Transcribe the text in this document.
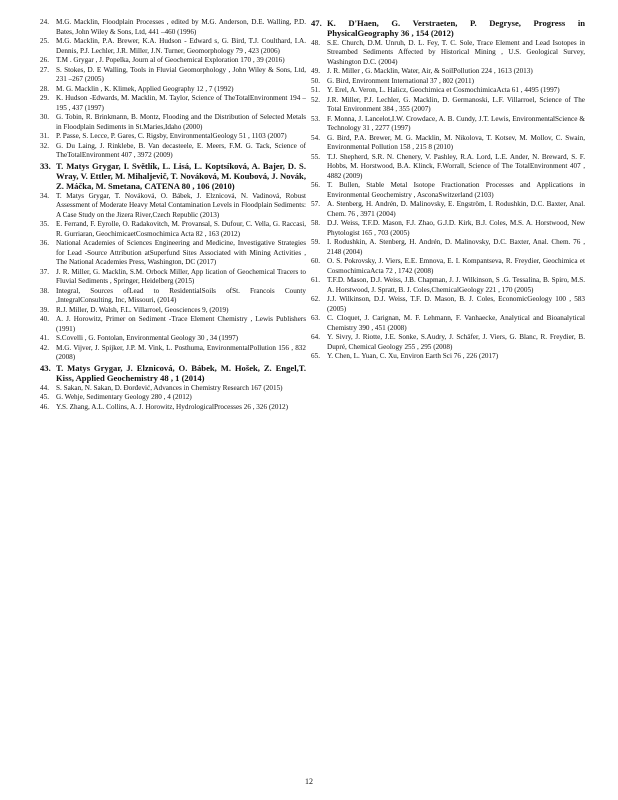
24. M.G. Macklin, Floodplain Processes , edited by M.G. Anderson, D.E. Walling, P.D. Bates, John Wiley & Sons, Ltd, 441 –460 (1996)
25. M.G. Macklin, P.A. Brewer, K.A. Hudson - Edward s, G. Bird, T.J. Coulthard, I.A. Dennis, P.J. Lechler, J.R. Miller, J.N. Turner, Geomorphology 79 , 423 (2006)
26. T.M . Grygar , J. Popelka, Journ al of Geochemical Exploration 170 , 39 (2016)
27. S. Stokes, D. E Walling, Tools in Fluvial Geomorphology , John Wiley & Sons, Ltd, 231 –267 (2005)
28. M. G. Macklin , K. Klimek, Applied Geography 12 , 7 (1992)
29. K. Hudson -Edwards, M. Macklin, M. Taylor, Science of TheTotalEnvironment 194 –195 , 437 (1997)
30. G. Tobin, R. Brinkmann, B. Montz, Flooding and the Distribution of Selected Metals in Floodplain Sediments in St.Maries,Idaho (2000)
31. P. Passe, S. Lecce, P. Gares, C. Rigsby, EnvironmentalGeology 51 , 1103 (2007)
32. G. Du Laing, J. Rinklebe, B. Van decasteele, E. Meers, F.M. G. Tack, Science of TheTotalEnvironment 407 , 3972 (2009)
33. T. Matys Grygar, I. Světlík, L. Lisá, L. Koptsíková, A. Bajer, D. S. Wray, V. Ettler, M. Mihaljevič, T. Nováková, M. Koubová, J. Novák, Z. Máčka, M. Smetana, CATENA 80 , 106 (2010)
34. T. Matys Grygar, T. Nováková, O. Bábek, J. Elznicová, N. Vadinová, Robust Assessment of Moderate Heavy Metal Contamination Levels in Floodplain Sediments: A Case Study on the Jizera River,Czech Republic (2013)
35. E. Ferrand, F. Eyrolle, O. Radakovitch, M. Provansal, S. Dufour, C. Vella, G. Raccasi, R. Gurriaran, GeochimicaetCosmochimica Acta 82 , 163 (2012)
36. National Academies of Sciences Engineering and Medicine, Investigative Strategies for Lead -Source Attribution atSuperfund Sites Associated with Mining Activities , The National Academies Press, Washington, DC (2017)
37. J. R. Miller, G. Macklin, S.M. Orbock Miller, App lication of Geochemical Tracers to Fluvial Sediments , Springer, Heidelberg (2015)
38. Integral, Sources ofLead to ResidentialSoils ofSt. Francois County ,IntegralConsulting, Inc, Missouri, (2014)
39. R.J. Miller, D. Walsh, F.L. Villarroel, Geosciences 9, (2019)
40. A. J. Horowitz, Primer on Sediment -Trace Element Chemistry , Lewis Publishers (1991)
41. S.Covelli , G. Fontolan, Environmental Geology 30 , 34 (1997)
42. M.G. Vijver, J. Spijker, J.P. M. Vink, L. Posthuma, EnvironmentalPollution 156 , 832 (2008)
43. T. Matys Grygar, J. Elznicová, O. Bábek, M. Hošek, Z. Engel,T. Kiss, Applied Geochemistry 48 , 1 (2014)
44. S. Sakan, N. Sakan, D. Đorđević, Advances in Chemistry Research 167 (2015)
45. G. Wehje, Sedimentary Geology 280 , 4 (2012)
46. Y.S. Zhang, A.L. Collins, A. J. Horowitz, HydrologicalProcesses 26 , 326 (2012)
47. K. D'Haen, G. Verstraeten, P. Degryse, Progress in PhysicalGeography 36 , 154 (2012)
48. S.E. Church, D.M. Unruh, D. L. Fey, T. C. Sole, Trace Element and Lead Isotopes in Streambed Sediments Affected by Historical Mining , U.S. Geological Survey, Washington D.C. (2004)
49. J. R. Miller , G. Macklin, Water, Air, & SoilPollution 224 , 1613 (2013)
50. G. Bird, Environment International 37 , 802 (2011)
51. Y. Erel, A. Veron, L. Halicz, Geochimica et CosmochimicaActa 61 , 4495 (1997)
52. J.R. Miller, P.J. Lechler, G. Macklin, D. Germanoski, L.F. Villarroel, Science of The Total Environment 384 , 355 (2007)
53. F. Monna, J. Lancelot,I.W. Crowdace, A. B. Cundy, J.T. Lewis, EnvironmentalScience & Technology 31 , 2277 (1997)
54. G. Bird, P.A. Brewer, M. G. Macklin, M. Nikolova, T. Kotsev, M. Mollov, C. Swain, Environmental Pollution 158 , 215 8 (2010)
55. T.J. Shepherd, S.R. N. Chenery, V. Pashley, R.A. Lord, L.E. Ander, N. Breward, S. F. Hobbs, M. Horstwood, B.A. Klinck, F.Worrall, Science of The TotalEnvironment 407 , 4882 (2009)
56. T. Bullen, Stable Metal Isotope Fractionation Processes and Applications in Environmental Geochemistry , AsconaSwitzerland (2103)
57. A. Stenberg, H. Andrén, D. Malinovsky, E. Engström, I. Rodushkin, D.C. Baxter, Anal. Chem. 76 , 3971 (2004)
58. D.J. Weiss, T.F.D. Mason, F.J. Zhao, G.J.D. Kirk, B.J. Coles, M.S. A. Horstwood, New Phytologist 165 , 703 (2005)
59. I. Rodushkin, A. Stenberg, H. Andrén, D. Malinovsky, D.C. Baxter, Anal. Chem. 76 , 2148 (2004)
60. O. S. Pokrovsky, J. Viers, E.E. Emnova, E. I. Kompantseva, R. Freydier, Geochimica et CosmochimicaActa 72 , 1742 (2008)
61. T.F.D. Mason, D.J. Weiss, J.B. Chapman, J. J. Wilkinson, S .G. Tessalina, B. Spiro, M.S. A. Horstwood, J. Spratt, B. J. Coles,ChemicalGeology 221 , 170 (2005)
62. J.J. Wilkinson, D.J. Weiss, T.F. D. Mason, B. J. Coles, EconomicGeology 100 , 583 (2005)
63. C. Cloquet, J. Carignan, M. F. Lehmann, F. Vanhaecke, Analytical and Bioanalytical Chemistry 390 , 451 (2008)
64. Y. Sivry, J. Riotte, J.E. Sonke, S.Audry, J. Schäfer, J. Viers, G. Blanc, R. Freydier, B. Dupré, Chemical Geology 255 , 295 (2008)
65. Y. Chen, L. Yuan, C. Xu, Environ Earth Sci 76 , 226 (2017)
12
